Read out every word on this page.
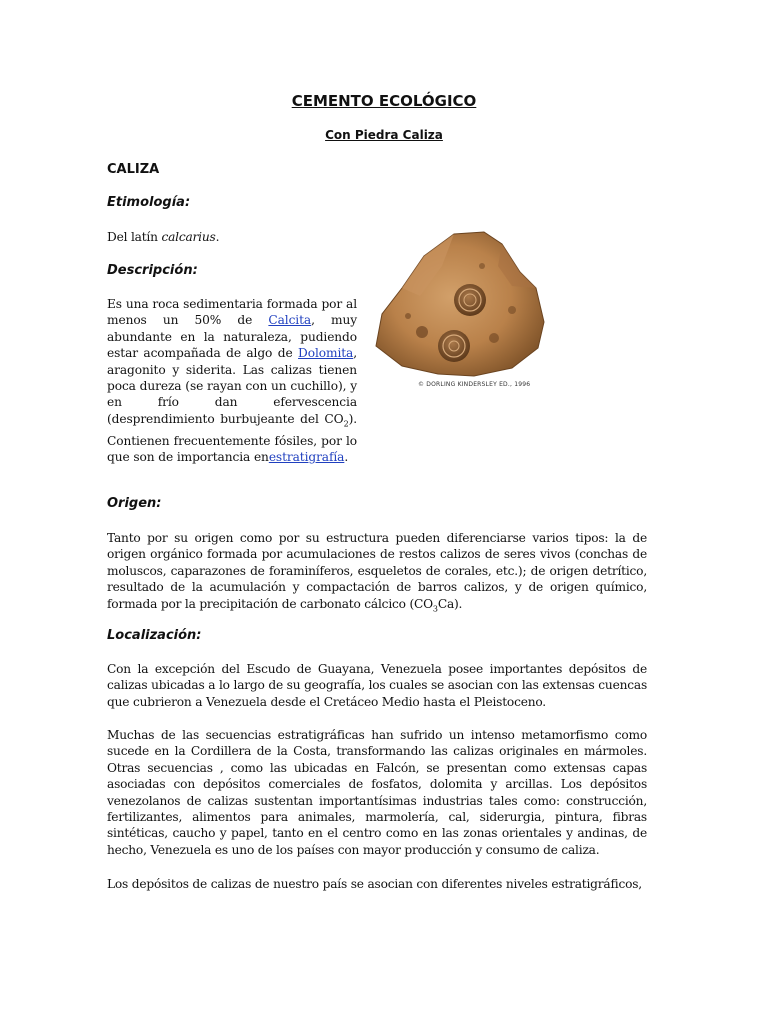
CEMENTO ECOLÓGICO
Con Piedra Caliza
CALIZA
Etimología:
Del latín calcarius.
Descripción:
Es una roca sedimentaria formada por al menos un 50% de Calcita, muy abundante en la naturaleza, pudiendo estar acompañada de algo de Dolomita, aragonito y siderita. Las calizas tienen poca dureza (se rayan con un cuchillo), y en frío dan efervescencia (desprendimiento burbujeante del $CO_2$). Contienen frecuentemente fósiles, por lo que son de importancia enestratigrafía.
© DORLING KINDERSLEY ED., 1996
Origen:
Tanto por su origen como por su estructura pueden diferenciarse varios tipos: la de origen orgánico formada por acumulaciones de restos calizos de seres vivos (conchas de moluscos, caparazones de foraminíferos, esqueletos de corales, etc.); de origen detrítico, resultado de la acumulación y compactación de barros calizos, y de origen químico, formada por la precipitación de carbonato cálcico $(CO_3Ca)$.
Localización:
Con la excepción del Escudo de Guayana, Venezuela posee importantes depósitos de calizas ubicadas a lo largo de su geografía, los cuales se asocian con las extensas cuencas que cubrieron a Venezuela desde el Cretáceo Medio hasta el Pleistoceno.
Muchas de las secuencias estratigráficas han sufrido un intenso metamorfismo como sucede en la Cordillera de la Costa, transformando las calizas originales en mármoles. Otras secuencias , como las ubicadas en Falcón, se presentan como extensas capas asociadas con depósitos comerciales de fosfatos, dolomita y arcillas. Los depósitos venezolanos de calizas sustentan importantísimas industrias tales como: construcción, fertilizantes, alimentos para animales, marmolería, cal, siderurgia, pintura, fibras sintéticas, caucho y papel, tanto en el centro como en las zonas orientales y andinas, de hecho, Venezuela es uno de los países con mayor producción y consumo de caliza.
Los depósitos de calizas de nuestro país se asocian con diferentes niveles estratigráficos,
